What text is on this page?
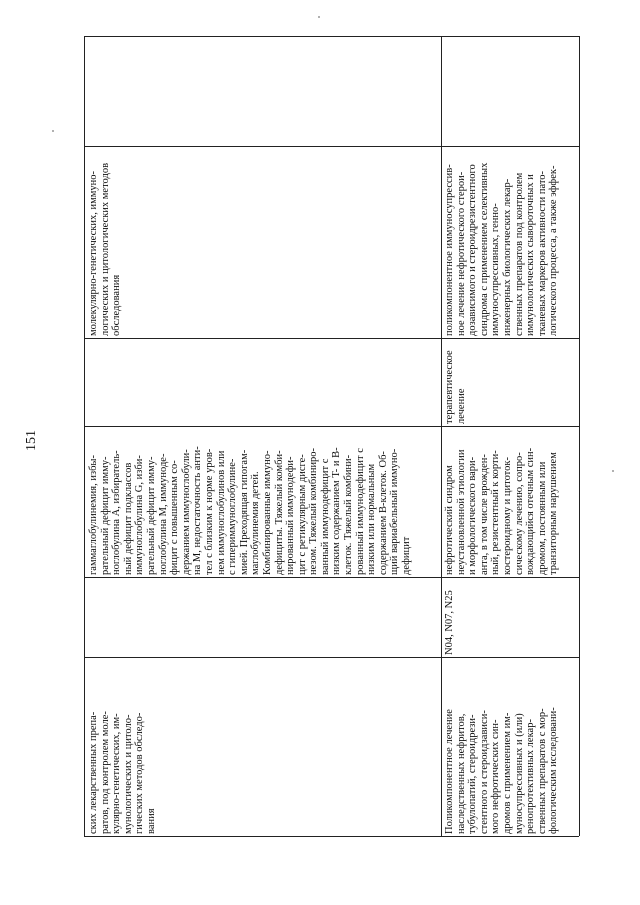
151
ских лекарственных препа-
ратов, под контролем моле-
кулярно-генетических, им-
мунологических и цитоло-
гических методов обследо-
вания
гаммаглобулинемия, избы-
рательный дефицит имму-
ноглобулина A, избиратель-
ный дефицит подклассов
иммуноглобулина G, изби-
рательный дефицит имму-
ноглобулина M, иммуноде-
фицит с повышенным со-
держанием иммуноглобули-
на M, недостаточность анти-
тел с близким к норме уров-
нем иммуноглобулинов или
с гипериммуноглобулине-
мией. Преходящая гипогам-
маглобулинемия детей.
Комбинированные иммуно-
дефициты. Тяжелый комби-
нированный иммунодефи-
цит с ретикулярным дисге-
незом. Тяжелый комбиниро-
ванный иммунодефицит с
низким содержанием T- и B-
клеток. Тяжелый комбини-
рованный иммунодефицит с
низким или нормальным
содержанием B-клеток. Об-
щий вариабельный иммуно-
дефицит
молекулярно-генетических, иммуно-
логических и цитологических методов
обследования
Поликомпонентное лечение
наследственных нефритов,
тубулопатий, стероидрези-
стентного и стероидзависи-
мого нефротических син-
дромов с применением им-
муносупрессивных и (или)
ренопротективных лекар-
ственных препаратов с мор-
фологическим исследовани-
N04, N07, N25
нефротический синдром
неустановленной этиологии
и морфологического вари-
анта, в том числе врожден-
ный, резистентный к корти-
костероидному и цитоток-
сическому лечению, сопро-
вождающийся отечным син-
дромом, постоянным или
транзиторным нарушением
терапевтическое
лечение
поликомпонентное иммуносупрессив-
ное лечение нефротического стерои-
дозависимого и стероидрезистентного
синдрома с применением селективных
иммуносупрессивных, генно-
инженерных биологических лекар-
ственных препаратов под контролем
иммунологических сывороточных и
тканевых маркеров активности пато-
логического процесса, а также эффек-
